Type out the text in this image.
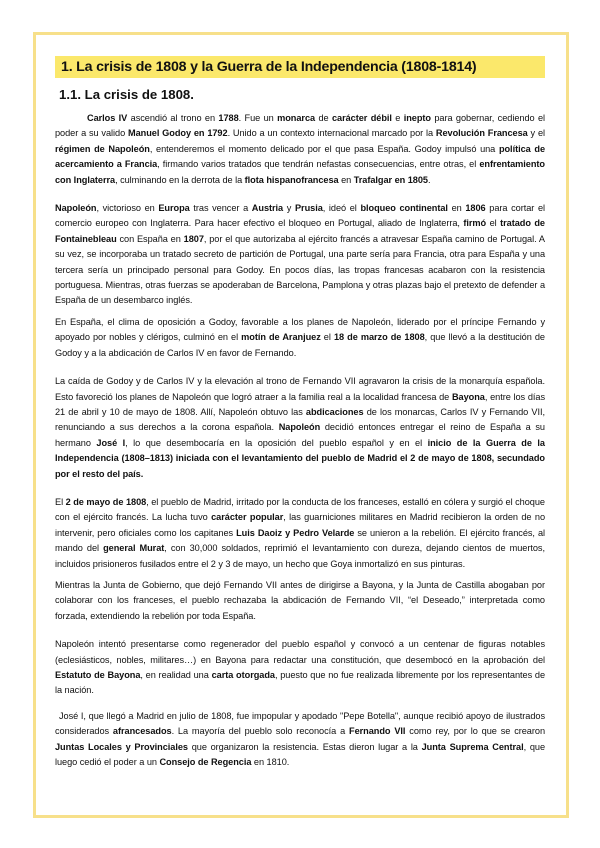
1. La crisis de 1808 y la Guerra de la Independencia (1808-1814)
1.1. La crisis de 1808.

Carlos IV ascendió al trono en 1788. Fue un monarca de carácter débil e inepto para gobernar, cediendo el poder a su valido Manuel Godoy en 1792. Unido a un contexto internacional marcado por la Revolución Francesa y el régimen de Napoleón, entenderemos el momento delicado por el que pasa España. Godoy impulsó una política de acercamiento a Francia, firmando varios tratados que tendrán nefastas consecuencias, entre otras, el enfrentamiento con Inglaterra, culminando en la derrota de la flota hispanofrancesa en Trafalgar en 1805.

Napoleón, victorioso en Europa tras vencer a Austria y Prusia, ideó el bloqueo continental en 1806 para cortar el comercio europeo con Inglaterra. Para hacer efectivo el bloqueo en Portugal, aliado de Inglaterra, firmó el tratado de Fontainebleau con España en 1807, por el que autorizaba al ejército francés a atravesar España camino de Portugal. A su vez, se incorporaba un tratado secreto de partición de Portugal, una parte sería para Francia, otra para España y una tercera sería un principado personal para Godoy. En pocos días, las tropas francesas acabaron con la resistencia portuguesa. Mientras, otras fuerzas se apoderaban de Barcelona, Pamplona y otras plazas bajo el pretexto de defender a España de un desembarco inglés.

En España, el clima de oposición a Godoy, favorable a los planes de Napoleón, liderado por el príncipe Fernando y apoyado por nobles y clérigos, culminó en el motín de Aranjuez el 18 de marzo de 1808, que llevó a la destitución de Godoy y a la abdicación de Carlos IV en favor de Fernando.

La caída de Godoy y de Carlos IV y la elevación al trono de Fernando VII agravaron la crisis de la monarquía española. Esto favoreció los planes de Napoleón que logró atraer a la familia real a la localidad francesa de Bayona, entre los días 21 de abril y 10 de mayo de 1808. Allí, Napoleón obtuvo las abdicaciones de los monarcas, Carlos IV y Fernando VII, renunciando a sus derechos a la corona española. Napoleón decidió entonces entregar el reino de España a su hermano José I, lo que desembocaría en la oposición del pueblo español y en el inicio de la Guerra de la Independencia (1808–1813) iniciada con el levantamiento del pueblo de Madrid el 2 de mayo de 1808, secundado por el resto del país.

El 2 de mayo de 1808, el pueblo de Madrid, irritado por la conducta de los franceses, estalló en cólera y surgió el choque con el ejército francés. La lucha tuvo carácter popular, las guarniciones militares en Madrid recibieron la orden de no intervenir, pero oficiales como los capitanes Luis Daoiz y Pedro Velarde se unieron a la rebelión. El ejército francés, al mando del general Murat, con 30,000 soldados, reprimió el levantamiento con dureza, dejando cientos de muertos, incluidos prisioneros fusilados entre el 2 y 3 de mayo, un hecho que Goya inmortalizó en sus pinturas.

Mientras la Junta de Gobierno, que dejó Fernando VII antes de dirigirse a Bayona, y la Junta de Castilla abogaban por colaborar con los franceses, el pueblo rechazaba la abdicación de Fernando VII, “el Deseado,” interpretada como forzada, extendiendo la rebelión por toda España.

Napoleón intentó presentarse como regenerador del pueblo español y convocó a un centenar de figuras notables (eclesiásticos, nobles, militares…) en Bayona para redactar una constitución, que desembocó en la aprobación del Estatuto de Bayona, en realidad una carta otorgada, puesto que no fue realizada libremente por los representantes de la nación.

José I, que llegó a Madrid en julio de 1808, fue impopular y apodado "Pepe Botella", aunque recibió apoyo de ilustrados considerados afrancesados. La mayoría del pueblo solo reconocía a Fernando VII como rey, por lo que se crearon Juntas Locales y Provinciales que organizaron la resistencia. Estas dieron lugar a la Junta Suprema Central, que luego cedió el poder a un Consejo de Regencia en 1810.
